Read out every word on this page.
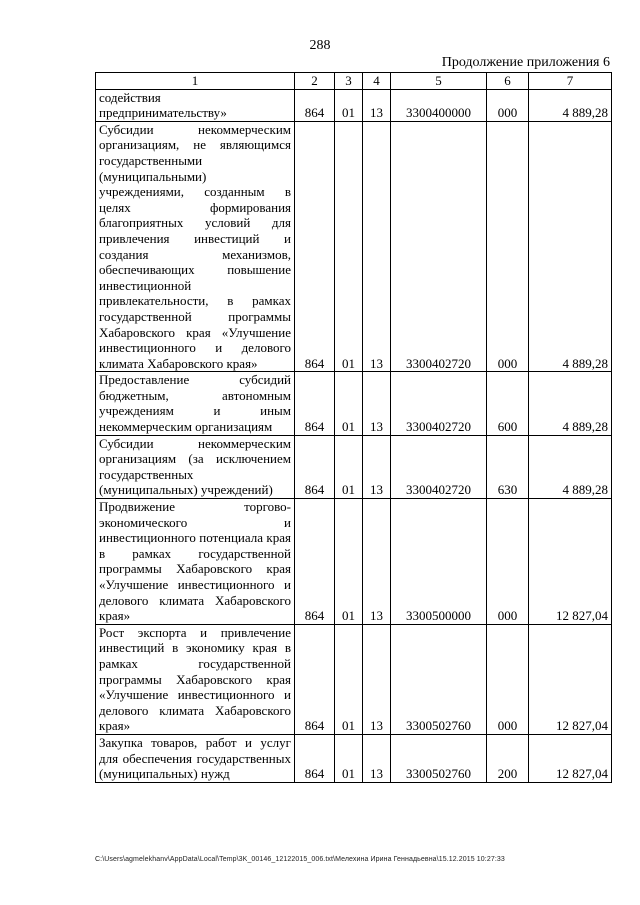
288
Продолжение приложения 6
1	2	3	4	5	6	7
содействия
предпринимательству»	864	01	13	3300400000	000	4 889,28
Субсидии некоммерческим организациям, не являющимся государственными (муниципальными) учреждениями, созданным в целях формирования благоприятных условий для привлечения инвестиций и создания механизмов, обеспечивающих повышение инвестиционной привлекательности, в рамках государственной программы Хабаровского края «Улучшение инвестиционного и делового климата Хабаровского края»	864	01	13	3300402720	000	4 889,28
Предоставление субсидий бюджетным, автономным учреждениям и иным некоммерческим организациям	864	01	13	3300402720	600	4 889,28
Субсидии некоммерческим организациям (за исключением государственных (муниципальных) учреждений)	864	01	13	3300402720	630	4 889,28
Продвижение торгово-экономического и инвестиционного потенциала края в рамках государственной программы Хабаровского края «Улучшение инвестиционного и делового климата Хабаровского края»	864	01	13	3300500000	000	12 827,04
Рост экспорта и привлечение инвестиций в экономику края в рамках государственной программы Хабаровского края «Улучшение инвестиционного и делового климата Хабаровского края»	864	01	13	3300502760	000	12 827,04
Закупка товаров, работ и услуг для обеспечения государственных (муниципальных) нужд	864	01	13	3300502760	200	12 827,04
C:\Users\agmelekhanv\AppData\Local\Temp\3K_00146_12122015_006.txt\Мелехина Ирина Геннадьевна\15.12.2015 10:27:33
